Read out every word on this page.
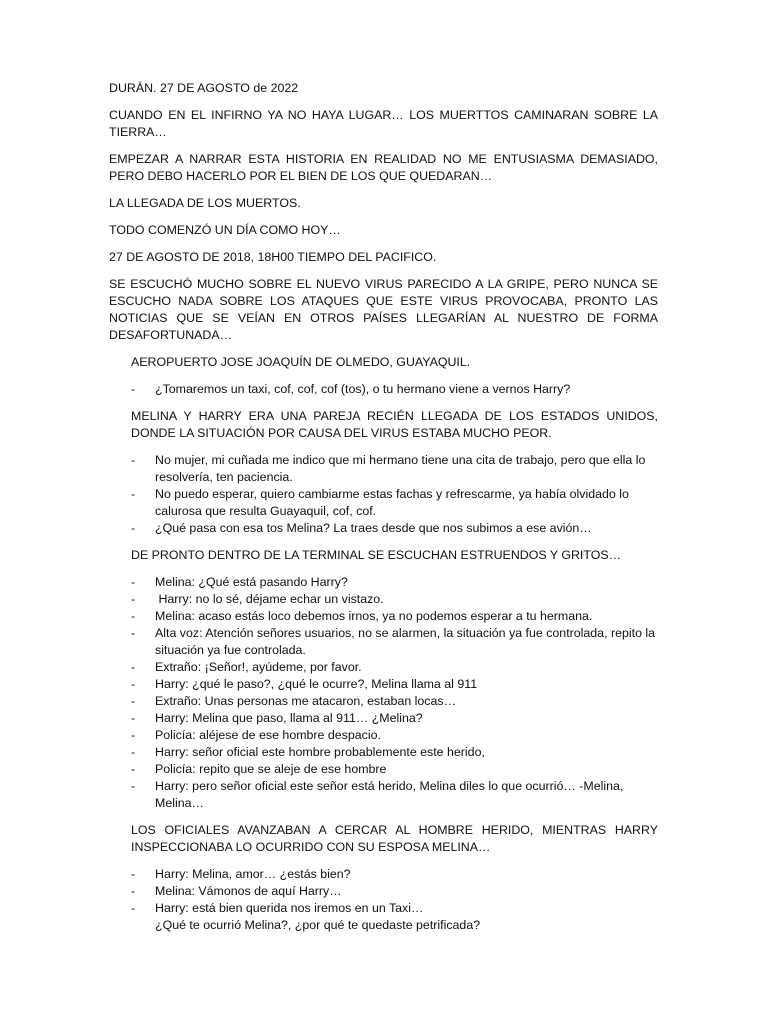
DURÁN. 27 DE AGOSTO de 2022

CUANDO EN EL INFIRNO YA NO HAYA LUGAR… LOS MUERTTOS CAMINARAN SOBRE LA TIERRA…

EMPEZAR A NARRAR ESTA HISTORIA EN REALIDAD NO ME ENTUSIASMA DEMASIADO, PERO DEBO HACERLO POR EL BIEN DE LOS QUE QUEDARAN…

LA LLEGADA DE LOS MUERTOS.

TODO COMENZÓ UN DÍA COMO HOY…

27 DE AGOSTO DE 2018, 18H00 TIEMPO DEL PACIFICO.

SE ESCUCHÓ MUCHO SOBRE EL NUEVO VIRUS PARECIDO A LA GRIPE, PERO NUNCA SE ESCUCHO NADA SOBRE LOS ATAQUES QUE ESTE VIRUS PROVOCABA, PRONTO LAS NOTICIAS QUE SE VEÍAN EN OTROS PAÍSES LLEGARÍAN AL NUESTRO DE FORMA DESAFORTUNADA…

AEROPUERTO JOSE JOAQUÍN DE OLMEDO, GUAYAQUIL.

- ¿Tomaremos un taxi, cof, cof, cof (tos), o tu hermano viene a vernos Harry?

MELINA Y HARRY ERA UNA PAREJA RECIÉN LLEGADA DE LOS ESTADOS UNIDOS, DONDE LA SITUACIÓN POR CAUSA DEL VIRUS ESTABA MUCHO PEOR.

- No mujer, mi cuñada me indico que mi hermano tiene una cita de trabajo, pero que ella lo resolvería, ten paciencia.
- No puedo esperar, quiero cambiarme estas fachas y refrescarme, ya había olvidado lo calurosa que resulta Guayaquil, cof, cof.
- ¿Qué pasa con esa tos Melina? La traes desde que nos subimos a ese avión…

DE PRONTO DENTRO DE LA TERMINAL SE ESCUCHAN ESTRUENDOS Y GRITOS…

- Melina: ¿Qué está pasando Harry?
- Harry: no lo sé, déjame echar un vistazo.
- Melina: acaso estás loco debemos irnos, ya no podemos esperar a tu hermana.
- Alta voz: Atención señores usuarios, no se alarmen, la situación ya fue controlada, repito la situación ya fue controlada.
- Extraño: ¡Señor!, ayúdeme, por favor.
- Harry: ¿qué le paso?, ¿qué le ocurre?, Melina llama al 911
- Extraño: Unas personas me atacaron, estaban locas…
- Harry: Melina que paso, llama al 911… ¿Melina?
- Policía: aléjese de ese hombre despacio.
- Harry: señor oficial este hombre probablemente este herido,
- Policía: repito que se aleje de ese hombre
- Harry: pero señor oficial este señor está herido, Melina diles lo que ocurrió… -Melina, Melina…

LOS OFICIALES AVANZABAN A CERCAR AL HOMBRE HERIDO, MIENTRAS HARRY INSPECCIONABA LO OCURRIDO CON SU ESPOSA MELINA…

- Harry: Melina, amor… ¿estás bien?
- Melina: Vámonos de aquí Harry…
- Harry: está bien querida nos iremos en un Taxi…

¿Qué te ocurrió Melina?, ¿por qué te quedaste petrificada?
